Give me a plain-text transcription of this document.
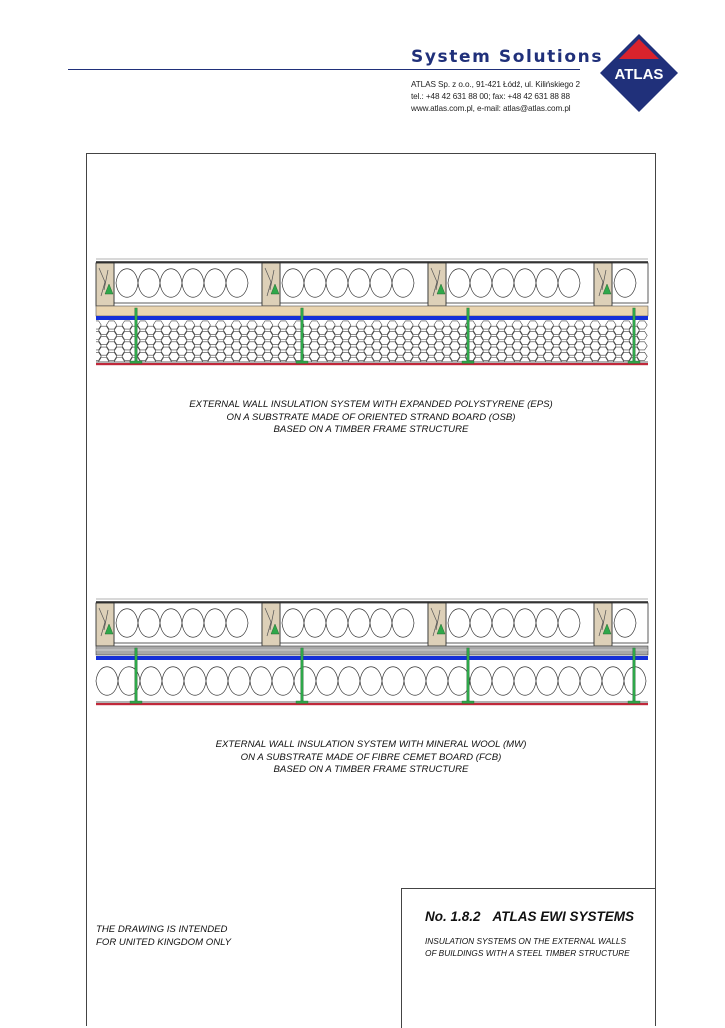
System Solutions
ATLAS Sp. z o.o., 91-421 Łódź, ul. Kilińskiego 2
tel.: +48 42 631 88 00; fax: +48 42 631 88 88
www.atlas.com.pl, e-mail: atlas@atlas.com.pl
ATLAS
EXTERNAL WALL INSULATION SYSTEM WITH EXPANDED POLYSTYRENE (EPS)
ON A SUBSTRATE MADE OF ORIENTED STRAND BOARD (OSB)
BASED ON A TIMBER FRAME STRUCTURE
EXTERNAL WALL INSULATION SYSTEM WITH MINERAL WOOL (MW)
ON A SUBSTRATE MADE OF FIBRE CEMET BOARD (FCB)
BASED ON A TIMBER FRAME STRUCTURE
THE DRAWING IS INTENDED
FOR UNITED KINGDOM ONLY
No. 1.8.2 ATLAS EWI SYSTEMS
INSULATION SYSTEMS ON THE EXTERNAL WALLS
OF BUILDINGS WITH A STEEL TIMBER STRUCTURE
